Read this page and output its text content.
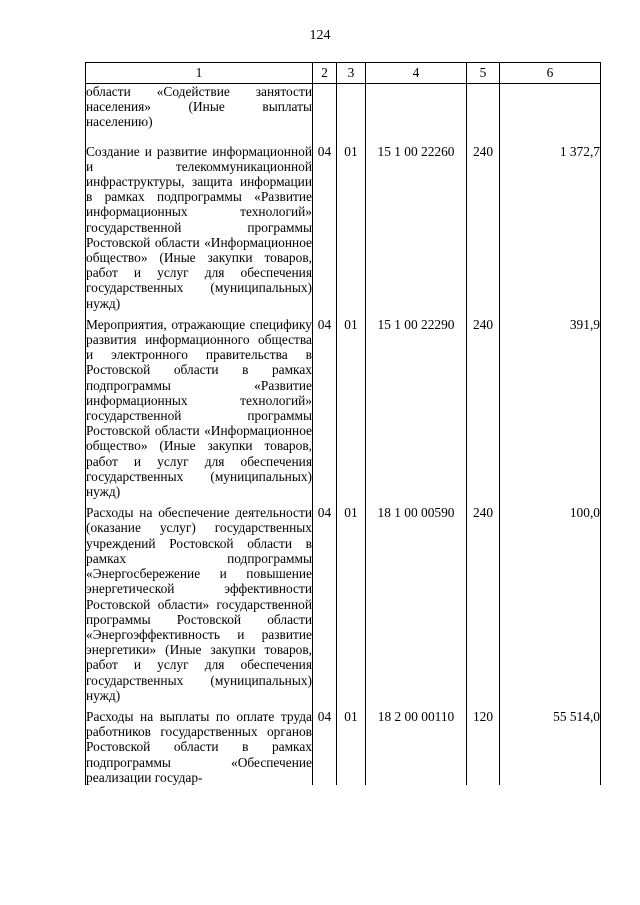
124
1	2	3	4	5	6
области «Содействие занятости населения» (Иные выплаты населению)					
Создание и развитие информационной и телекоммуникационной инфраструктуры, защита информации в рамках подпрограммы «Развитие информационных технологий» государственной программы Ростовской области «Информационное общество» (Иные закупки товаров, работ и услуг для обеспечения государственных (муниципальных) нужд)	04	01	15 1 00 22260	240	1 372,7
Мероприятия, отражающие специфику развития информационного общества и электронного правительства в Ростовской области в рамках подпрограммы «Развитие информационных технологий» государственной программы Ростовской области «Информационное общество» (Иные закупки товаров, работ и услуг для обеспечения государственных (муниципальных) нужд)	04	01	15 1 00 22290	240	391,9
Расходы на обеспечение деятельности (оказание услуг) государственных учреждений Ростовской области в рамках подпрограммы «Энергосбережение и повышение энергетической эффективности Ростовской области» государственной программы Ростовской области «Энергоэффективность и развитие энергетики» (Иные закупки товаров, работ и услуг для обеспечения государственных (муниципальных) нужд)	04	01	18 1 00 00590	240	100,0
Расходы на выплаты по оплате труда работников государственных органов Ростовской области в рамках подпрограммы «Обеспечение реализации государ-	04	01	18 2 00 00110	120	55 514,0
